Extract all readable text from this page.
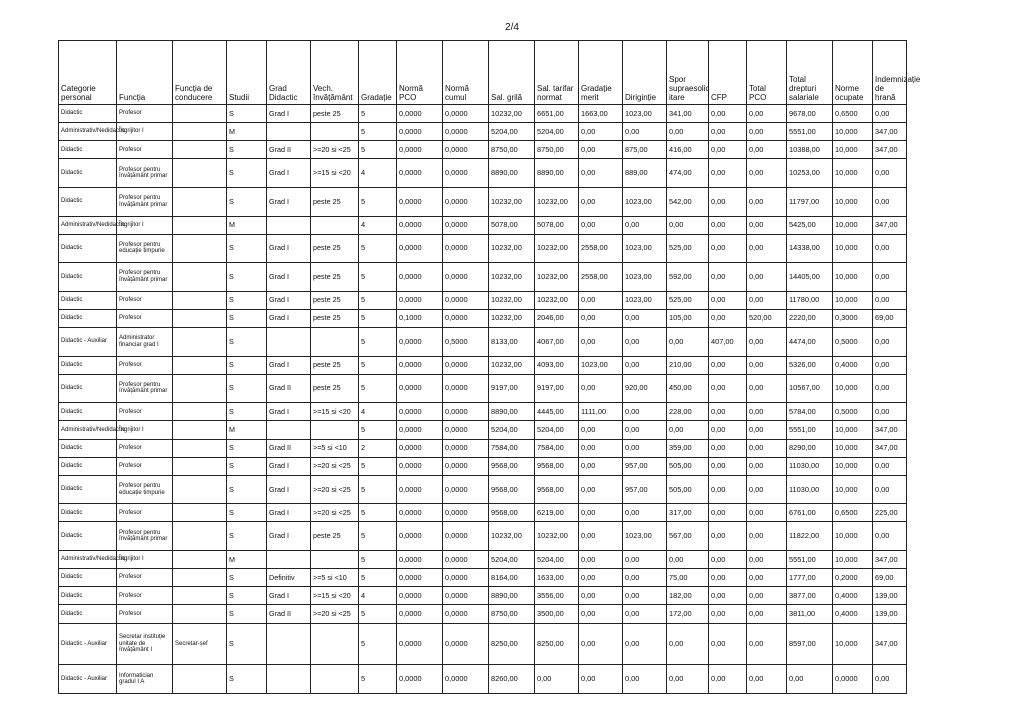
2/4
Categorie personal	Funcția	Funcția de conducere	Studii	Grad Didactic	Vech. învățământ	Gradație	Normă PCO	Normă cumul	Sal. grilă	Sal. tarifar normat	Gradație merit	Diriginție	Spor supraesolic itare	CFP	Total PCO	Total drepturi salariale	Norme ocupate	Indemnizație de hrană
Didactic	Profesor		S	Grad I	peste 25	5	0,0000	0,0000	10232,00	6651,00	1663,00	1023,00	341,00	0,00	0,00	9678,00	0,6500	0,00
Administrativ/Nedidactic	Îngrijitor I		M			5	0,0000	0,0000	5204,00	5204,00	0,00	0,00	0,00	0,00	0,00	5551,00	10,000	347,00
Didactic	Profesor		S	Grad II	>=20 si <25	5	0,0000	0,0000	8750,00	8750,00	0,00	875,00	416,00	0,00	0,00	10388,00	10,000	347,00
Didactic	Profesor pentru învățământ primar		S	Grad I	>=15 si <20	4	0,0000	0,0000	8890,00	8890,00	0,00	889,00	474,00	0,00	0,00	10253,00	10,000	0,00
Didactic	Profesor pentru învățământ primar		S	Grad I	peste 25	5	0,0000	0,0000	10232,00	10232,00	0,00	1023,00	542,00	0,00	0,00	11797,00	10,000	0,00
Administrativ/Nedidactic	Îngrijitor I		M			4	0,0000	0,0000	5078,00	5078,00	0,00	0,00	0,00	0,00	0,00	5425,00	10,000	347,00
Didactic	Profesor pentru educație timpurie		S	Grad I	peste 25	5	0,0000	0,0000	10232,00	10232,00	2558,00	1023,00	525,00	0,00	0,00	14338,00	10,000	0,00
Didactic	Profesor pentru învățământ primar		S	Grad I	peste 25	5	0,0000	0,0000	10232,00	10232,00	2558,00	1023,00	592,00	0,00	0,00	14405,00	10,000	0,00
Didactic	Profesor		S	Grad I	peste 25	5	0,0000	0,0000	10232,00	10232,00	0,00	1023,00	525,00	0,00	0,00	11780,00	10,000	0,00
Didactic	Profesor		S	Grad I	peste 25	5	0,1000	0,0000	10232,00	2046,00	0,00	0,00	105,00	0,00	520,00	2220,00	0,3000	69,00
Didactic - Auxiliar	Administrator financiar grad I		S			5	0,0000	0,5000	8133,00	4067,00	0,00	0,00	0,00	407,00	0,00	4474,00	0,5000	0,00
Didactic	Profesor		S	Grad I	peste 25	5	0,0000	0,0000	10232,00	4093,00	1023,00	0,00	210,00	0,00	0,00	5326,00	0,4000	0,00
Didactic	Profesor pentru învățământ primar		S	Grad II	peste 25	5	0,0000	0,0000	9197,00	9197,00	0,00	920,00	450,00	0,00	0,00	10567,00	10,000	0,00
Didactic	Profesor		S	Grad I	>=15 si <20	4	0,0000	0,0000	8890,00	4445,00	1111,00	0,00	228,00	0,00	0,00	5784,00	0,5000	0,00
Administrativ/Nedidactic	Îngrijitor I		M			5	0,0000	0,0000	5204,00	5204,00	0,00	0,00	0,00	0,00	0,00	5551,00	10,000	347,00
Didactic	Profesor		S	Grad II	>=5 si <10	2	0,0000	0,0000	7584,00	7584,00	0,00	0,00	359,00	0,00	0,00	8290,00	10,000	347,00
Didactic	Profesor		S	Grad I	>=20 si <25	5	0,0000	0,0000	9568,00	9568,00	0,00	957,00	505,00	0,00	0,00	11030,00	10,000	0,00
Didactic	Profesor pentru educație timpurie		S	Grad I	>=20 si <25	5	0,0000	0,0000	9568,00	9568,00	0,00	957,00	505,00	0,00	0,00	11030,00	10,000	0,00
Didactic	Profesor		S	Grad I	>=20 si <25	5	0,0000	0,0000	9568,00	6219,00	0,00	0,00	317,00	0,00	0,00	6761,00	0,6500	225,00
Didactic	Profesor pentru învățământ primar		S	Grad I	peste 25	5	0,0000	0,0000	10232,00	10232,00	0,00	1023,00	567,00	0,00	0,00	11822,00	10,000	0,00
Administrativ/Nedidactic	Îngrijitor I		M			5	0,0000	0,0000	5204,00	5204,00	0,00	0,00	0,00	0,00	0,00	5551,00	10,000	347,00
Didactic	Profesor		S	Definitiv	>=5 si <10	5	0,0000	0,0000	8164,00	1633,00	0,00	0,00	75,00	0,00	0,00	1777,00	0,2000	69,00
Didactic	Profesor		S	Grad I	>=15 si <20	4	0,0000	0,0000	8890,00	3556,00	0,00	0,00	182,00	0,00	0,00	3877,00	0,4000	139,00
Didactic	Profesor		S	Grad II	>=20 si <25	5	0,0000	0,0000	8750,00	3500,00	0,00	0,00	172,00	0,00	0,00	3811,00	0,4000	139,00
Didactic - Auxiliar	Secretar instituție unitate de învățământ I	Secretar-șef	S			5	0,0000	0,0000	8250,00	8250,00	0,00	0,00	0,00	0,00	0,00	8597,00	10,000	347,00
Didactic - Auxiliar	Informatician gradul I A		S			5	0,0000	0,0000	8260,00	0,00	0,00	0,00	0,00	0,00	0,00	0,00	0,0000	0,00
